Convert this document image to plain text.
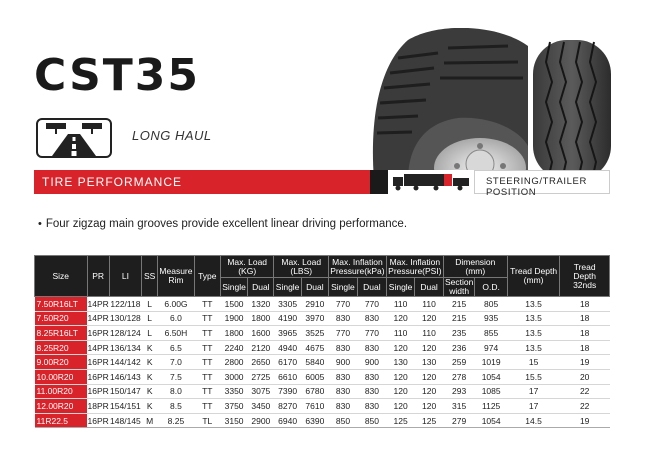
CST35
LONG HAUL
TIRE PERFORMANCE	STEERING/TRAILER POSITION
• Four zigzag main grooves provide excellent linear driving performance.
Size	PR	LI	SS	Measure Rim	Type	Max. Load (KG)		Max. Load (LBS)		Max. Inflation Pressure(kPa)		Max. Inflation Pressure(PSI)		Dimension (mm)		Tread Depth (mm)	Tread Depth 32nds
						Single	Dual	Single	Dual	Single	Dual	Single	Dual	Section width	O.D.		
7.50R16LT	14PR	122/118	L	6.00G	TT	1500	1320	3305	2910	770	770	110	110	215	805	13.5	18
7.50R20	14PR	130/128	L	6.0	TT	1900	1800	4190	3970	830	830	120	120	215	935	13.5	18
8.25R16LT	16PR	128/124	L	6.50H	TT	1800	1600	3965	3525	770	770	110	110	235	855	13.5	18
8.25R20	14PR	136/134	K	6.5	TT	2240	2120	4940	4675	830	830	120	120	236	974	13.5	18
9.00R20	16PR	144/142	K	7.0	TT	2800	2650	6170	5840	900	900	130	130	259	1019	15	19
10.00R20	16PR	146/143	K	7.5	TT	3000	2725	6610	6005	830	830	120	120	278	1054	15.5	20
11.00R20	16PR	150/147	K	8.0	TT	3350	3075	7390	6780	830	830	120	120	293	1085	17	22
12.00R20	18PR	154/151	K	8.5	TT	3750	3450	8270	7610	830	830	120	120	315	1125	17	22
11R22.5	16PR	148/145	M	8.25	TL	3150	2900	6940	6390	850	850	125	125	279	1054	14.5	19
